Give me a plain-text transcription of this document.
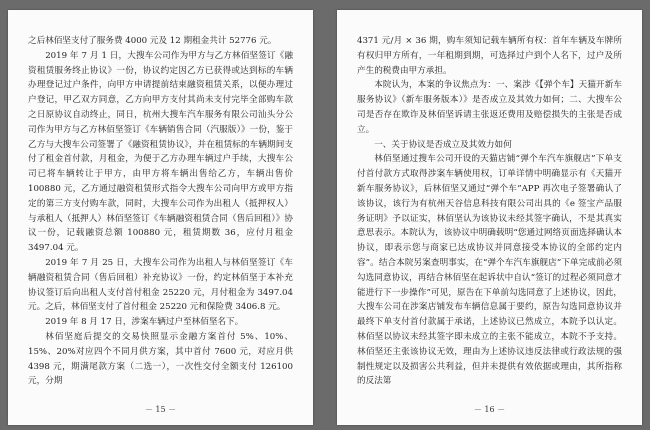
之后林佰坚支付了服务费 4000 元及 12 期租金共计 52776 元。

2019 年 7 月 1 日，大搜车公司作为甲方与乙方林佰坚签订《融资租赁服务终止协议》一份，协议约定因乙方已获得或达到标的车辆办理登记过户条件，向甲方申请提前结束融资租赁关系，以便办理过户登记，甲乙双方同意，乙方向甲方支付其尚未支付完毕全部购车款之日原协议自动终止，同日，杭州大搜车汽车服务有限公司汕头分公司作为甲方与乙方林佰坚签订《车辆销售合同（汽服版）》一份，鉴于乙方与大搜车公司签署了《融资租赁协议》，并在租赁标的车辆期间支付了租金首付款，月租金，为便于乙方办理车辆过户手续，大搜车公司已将车辆转让于甲方，由甲方将车辆出售给乙方，车辆出售价 100880 元，乙方通过融资租赁形式指令大搜车公司向甲方或甲方指定的第三方支付购车款，同时，大搜车公司作为出租人（抵押权人）与承租人（抵押人）林佰坚签订《车辆融资租赁合同（售后回租）》协议一份，记载融资总额 100880 元，租赁期数 36，应付月租金 3497.04 元。

2019 年 7 月 25 日，大搜车公司作为出租人与林佰坚签订《车辆融资租赁合同（售后回租）补充协议》一份，约定林佰坚于本补充协议签订后向出租人支付首付租金 25220 元，月付租金为 3497.04 元。之后，林佰坚支付了首付租金 25220 元和保险费 3406.8 元。

2019 年 8 月 17 日，涉案车辆过户至林佰坚名下。

林佰坚庭后提交的交易快照显示金融方案首付 5%、10%、15%、20%对应四个不同月供方案，其中首付 7600 元，对应月供 4398 元，期满尾款方案（二选一），一次性交付全额支付 126100 元，分期

－ 15 －

4371 元/月 × 36 期，购车须知记载车辆所有权：首年车辆及车牌所有权归甲方所有，一年租期到期，可选择过户到个人名下，过户及所产生的税费由甲方承担。

本院认为，本案的争议焦点为：一、案涉《【弹个车】天猫开新车服务协议》（新车服务版本）》是否成立及其效力如何；二、大搜车公司是否存在欺诈及林佰坚诉请主张返还费用及赔偿损失的主张是否成立。

一、关于协议是否成立及其效力如何

林佰坚通过搜车公司开设的天猫店铺“弹个车汽车旗舰店”下单支付首付款方式取得涉案车辆使用权，订单详情中明确显示有《天猫开新车服务协议》，后林佰坚又通过“弹个车”APP 再次电子签署确认了该协议，该行为有杭州天谷信息科技有限公司出具的《e 签宝产品服务证明》予以证实，林佰坚认为该协议未经其签字确认，不是其真实意思表示。本院认为，该协议中明确载明“您通过网络页面选择确认本协议，即表示您与商家已达成协议并同意接受本协议的全部约定内容”。结合本院另案查明事实，在“弹个车汽车旗舰店”下单完成前必须勾选同意协议，再结合林佰坚在起诉状中自认“签订的过程必须同意才能进行下一步操作”可见，原告在下单前勾选同意了上述协议，因此，大搜车公司在涉案店铺发布车辆信息属于要约，原告勾选同意协议并最终下单支付首付款属于承诺，上述协议已然成立，本院予以认定。林佰坚以协议未经其签字即未成立的主张不能成立，本院不予支持。林佰坚还主张该协议无效，理由为上述协议违反法律或行政法规的强制性规定以及损害公共利益，但并未提供有效依据或理由，其所指称的反法第

－ 16 －
